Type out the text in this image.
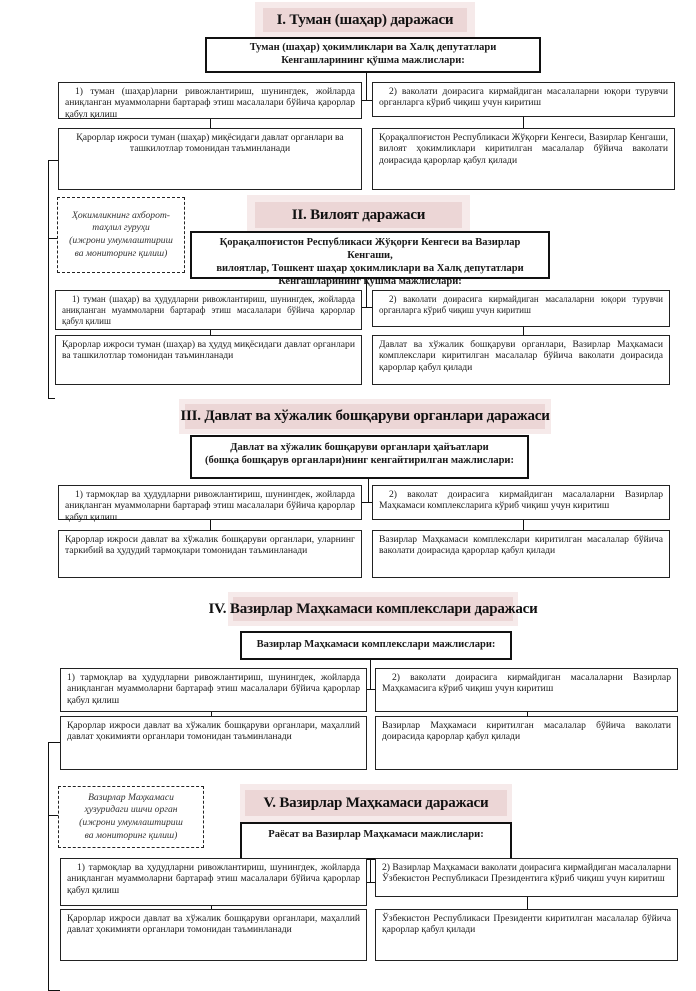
I. Туман (шаҳар) даражаси
Туман (шаҳар) ҳокимликлари ва Халқ депутатлари
Кенгашларининг қўшма мажлислари:
1) туман (шаҳар)ларни ривожлантириш, шунингдек, жойларда аниқланган муаммоларни бартараф этиш масалалари бўйича қарорлар қабул қилиш
2) ваколати доирасига кирмайдиган масалаларни юқори турувчи органларга кўриб чиқиш учун киритиш
Қарорлар ижроси туман (шаҳар) миқёсидаги давлат органлари ва ташкилотлар томонидан таъминланади
Қорақалпоғистон Республикаси Жўқорғи Кенгеси, Вазирлар Кенгаши, вилоят ҳокимликлари киритилган масалалар бўйича ваколати доирасида қарорлар қабул қилади
Ҳокимликнинг ахборот-
таҳлил гуруҳи
(ижрони умумлаштириш
ва мониторинг қилиш)
II. Вилоят даражаси
Қорақалпоғистон Республикаси Жўқорғи Кенгеси ва Вазирлар Кенгаши,
вилоятлар, Тошкент шаҳар ҳокимликлари ва Халқ депутатлари
Кенгашларининг қўшма мажлислари:
1) туман (шаҳар) ва ҳудудларни ривожлантириш, шунингдек, жойларда аниқланган муаммоларни бартараф этиш масалалари бўйича қарорлар қабул қилиш
2) ваколати доирасига кирмайдиган масалаларни юқори турувчи органларга кўриб чиқиш учун киритиш
Қарорлар ижроси туман (шаҳар) ва ҳудуд миқёсидаги давлат органлари ва ташкилотлар томонидан таъминланади
Давлат ва хўжалик бошқаруви органлари, Вазирлар Маҳкамаси комплекслари киритилган масалалар бўйича ваколати доирасида қарорлар қабул қилади
III. Давлат ва хўжалик бошқаруви органлари даражаси
Давлат ва хўжалик бошқаруви органлари ҳайъатлари
(бошқа бошқарув органлари)нинг кенгайтирилган мажлислари:
1) тармоқлар ва ҳудудларни ривожлантириш, шунингдек, жойларда аниқланган муаммоларни бартараф этиш масалалари бўйича қарорлар қабул қилиш
2) ваколат доирасига кирмайдиган масалаларни Вазирлар Маҳкамаси комплексларига кўриб чиқиш учун киритиш
Қарорлар ижроси давлат ва хўжалик бошқаруви органлари, уларнинг таркибий ва ҳудудий тармоқлари томонидан таъминланади
Вазирлар Маҳкамаси комплекслари киритилган масалалар бўйича ваколати доирасида қарорлар қабул қилади
IV. Вазирлар Маҳкамаси комплекслари даражаси
Вазирлар Маҳкамаси комплекслари мажлислари:
1) тармоқлар ва ҳудудларни ривожлантириш, шунингдек, жойларда аниқланган муаммоларни бартараф этиш масалалари бўйича қарорлар қабул қилиш
2) ваколати доирасига кирмайдиган масалаларни Вазирлар Маҳкамасига кўриб чиқиш учун киритиш
Қарорлар ижроси давлат ва хўжалик бошқаруви органлари, маҳаллий давлат ҳокимияти органлари томонидан таъминланади
Вазирлар Маҳкамаси киритилган масалалар бўйича ваколати доирасида қарорлар қабул қилади
Вазирлар Маҳкамаси
ҳузуридаги ишчи орган
(ижрони умумлаштириш
ва мониторинг қилиш)
V. Вазирлар Маҳкамаси даражаси
Раёсат ва Вазирлар Маҳкамаси мажлислари:
1) тармоқлар ва ҳудудларни ривожлантириш, шунингдек, жойларда аниқланган муаммоларни бартараф этиш масалалари бўйича қарорлар қабул қилиш
2) Вазирлар Маҳкамаси ваколати доирасига кирмайдиган масалаларни Ўзбекистон Республикаси Президентига кўриб чиқиш учун киритиш
Қарорлар ижроси давлат ва хўжалик бошқаруви органлари, маҳаллий давлат ҳокимияти органлари томонидан таъминланади
Ўзбекистон Республикаси Президенти киритилган масалалар бўйича қарорлар қабул қилади
